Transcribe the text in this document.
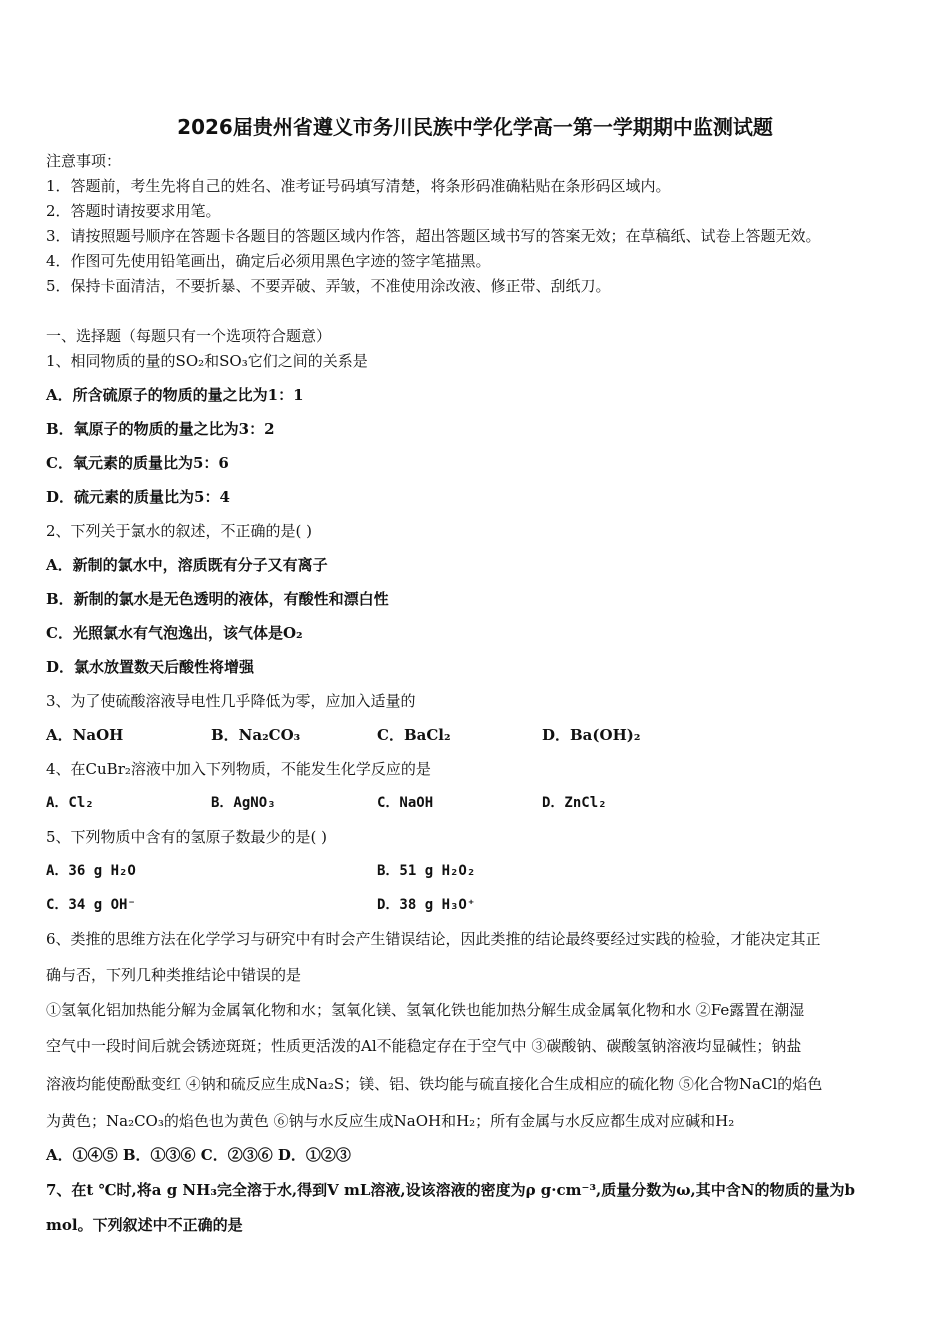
2026届贵州省遵义市务川民族中学化学高一第一学期期中监测试题
注意事项：
1．答题前，考生先将自己的姓名、准考证号码填写清楚，将条形码准确粘贴在条形码区域内。
2．答题时请按要求用笔。
3．请按照题号顺序在答题卡各题目的答题区域内作答，超出答题区域书写的答案无效；在草稿纸、试卷上答题无效。
4．作图可先使用铅笔画出，确定后必须用黑色字迹的签字笔描黑。
5．保持卡面清洁，不要折暴、不要弄破、弄皱，不准使用涂改液、修正带、刮纸刀。
一、选择题（每题只有一个选项符合题意）
1、相同物质的量的SO₂和SO₃它们之间的关系是
A．所含硫原子的物质的量之比为1：1
B．氧原子的物质的量之比为3：2
C．氧元素的质量比为5：6
D．硫元素的质量比为5：4
2、下列关于氯水的叙述，不正确的是( )
A．新制的氯水中，溶质既有分子又有离子
B．新制的氯水是无色透明的液体，有酸性和漂白性
C．光照氯水有气泡逸出，该气体是O₂
D．氯水放置数天后酸性将增强
3、为了使硫酸溶液导电性几乎降低为零，应加入适量的
A．NaOH	B．Na₂CO₃	C．BaCl₂	D．Ba(OH)₂
4、在CuBr₂溶液中加入下列物质，不能发生化学反应的是
A．Cl₂	B．AgNO₃	C．NaOH	D．ZnCl₂
5、下列物质中含有的氢原子数最少的是( )
A．36 g H₂O	B．51 g H₂O₂
C．34 g OH⁻	D．38 g H₃O⁺
6、类推的思维方法在化学学习与研究中有时会产生错误结论，因此类推的结论最终要经过实践的检验，才能决定其正
确与否，下列几种类推结论中错误的是
①氢氧化铝加热能分解为金属氧化物和水；氢氧化镁、氢氧化铁也能加热分解生成金属氧化物和水 ②Fe露置在潮湿
空气中一段时间后就会锈迹斑斑；性质更活泼的Al不能稳定存在于空气中 ③碳酸钠、碳酸氢钠溶液均显碱性；钠盐
溶液均能使酚酞变红 ④钠和硫反应生成Na₂S；镁、铝、铁均能与硫直接化合生成相应的硫化物 ⑤化合物NaCl的焰色
为黄色；Na₂CO₃的焰色也为黄色 ⑥钠与水反应生成NaOH和H₂；所有金属与水反应都生成对应碱和H₂
A．①④⑤ B．①③⑥ C．②③⑥ D．①②③
7、在t ℃时,将a g NH₃完全溶于水,得到V mL溶液,设该溶液的密度为ρ g·cm⁻³,质量分数为ω,其中含N的物质的量为b
mol。下列叙述中不正确的是
